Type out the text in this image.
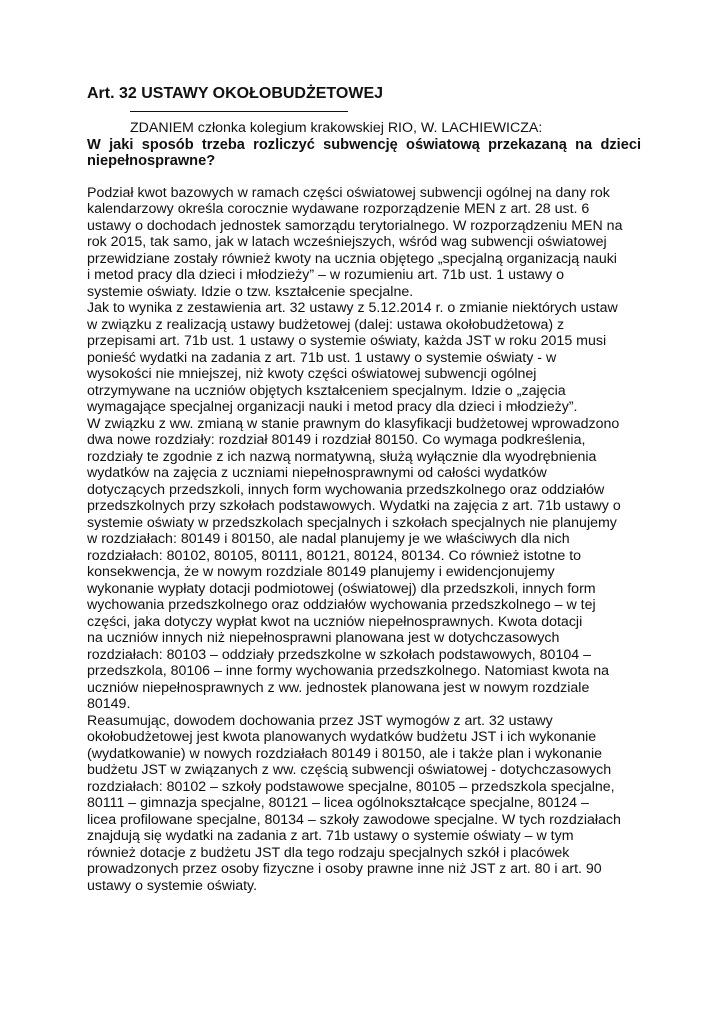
Art. 32 USTAWY OKOŁOBUDŻETOWEJ
ZDANIEM członka kolegium krakowskiej RIO, W. LACHIEWICZA:
W jaki sposób trzeba rozliczyć subwencję oświatową przekazaną na dzieci niepełnosprawne?

Podział kwot bazowych w ramach części oświatowej subwencji ogólnej na dany rok
kalendarzowy określa corocznie wydawane rozporządzenie MEN z art. 28 ust. 6
ustawy o dochodach jednostek samorządu terytorialnego. W rozporządzeniu MEN na
rok 2015, tak samo, jak w latach wcześniejszych, wśród wag subwencji oświatowej
przewidziane zostały również kwoty na ucznia objętego „specjalną organizacją nauki
i metod pracy dla dzieci i młodzieży” – w rozumieniu art. 71b ust. 1 ustawy o
systemie oświaty. Idzie o tzw. kształcenie specjalne.

Jak to wynika z zestawienia art. 32 ustawy z 5.12.2014 r. o zmianie niektórych ustaw
w związku z realizacją ustawy budżetowej (dalej: ustawa okołobudżetowa) z
przepisami art. 71b ust. 1 ustawy o systemie oświaty, każda JST w roku 2015 musi
ponieść wydatki na zadania z art. 71b ust. 1 ustawy o systemie oświaty - w
wysokości nie mniejszej, niż kwoty części oświatowej subwencji ogólnej
otrzymywane na uczniów objętych kształceniem specjalnym. Idzie o „zajęcia
wymagające specjalnej organizacji nauki i metod pracy dla dzieci i młodzieży”.

W związku z ww. zmianą w stanie prawnym do klasyfikacji budżetowej wprowadzono
dwa nowe rozdziały: rozdział 80149 i rozdział 80150. Co wymaga podkreślenia,
rozdziały te zgodnie z ich nazwą normatywną, służą wyłącznie dla wyodrębnienia
wydatków na zajęcia z uczniami niepełnosprawnymi od całości wydatków
dotyczących przedszkoli, innych form wychowania przedszkolnego oraz oddziałów
przedszkolnych przy szkołach podstawowych. Wydatki na zajęcia z art. 71b ustawy o
systemie oświaty w przedszkolach specjalnych i szkołach specjalnych nie planujemy
w rozdziałach: 80149 i 80150, ale nadal planujemy je we właściwych dla nich
rozdziałach: 80102, 80105, 80111, 80121, 80124, 80134. Co również istotne to
konsekwencja, że w nowym rozdziale 80149 planujemy i ewidencjonujemy
wykonanie wypłaty dotacji podmiotowej (oświatowej) dla przedszkoli, innych form
wychowania przedszkolnego oraz oddziałów wychowania przedszkolnego – w tej
części, jaka dotyczy wypłat kwot na uczniów niepełnosprawnych. Kwota dotacji
na uczniów innych niż niepełnosprawni planowana jest w dotychczasowych
rozdziałach: 80103 – oddziały przedszkolne w szkołach podstawowych, 80104 –
przedszkola, 80106 – inne formy wychowania przedszkolnego. Natomiast kwota na
uczniów niepełnosprawnych z ww. jednostek planowana jest w nowym rozdziale
80149.

Reasumując, dowodem dochowania przez JST wymogów z art. 32 ustawy
okołobudżetowej jest kwota planowanych wydatków budżetu JST i ich wykonanie
(wydatkowanie) w nowych rozdziałach 80149 i 80150, ale i także plan i wykonanie
budżetu JST w związanych z ww. częścią subwencji oświatowej - dotychczasowych
rozdziałach: 80102 – szkoły podstawowe specjalne, 80105 – przedszkola specjalne,
80111 – gimnazja specjalne, 80121 – licea ogólnokształcące specjalne, 80124 –
licea profilowane specjalne, 80134 – szkoły zawodowe specjalne. W tych rozdziałach
znajdują się wydatki na zadania z art. 71b ustawy o systemie oświaty – w tym
również dotacje z budżetu JST dla tego rodzaju specjalnych szkół i placówek
prowadzonych przez osoby fizyczne i osoby prawne inne niż JST z art. 80 i art. 90
ustawy o systemie oświaty.
